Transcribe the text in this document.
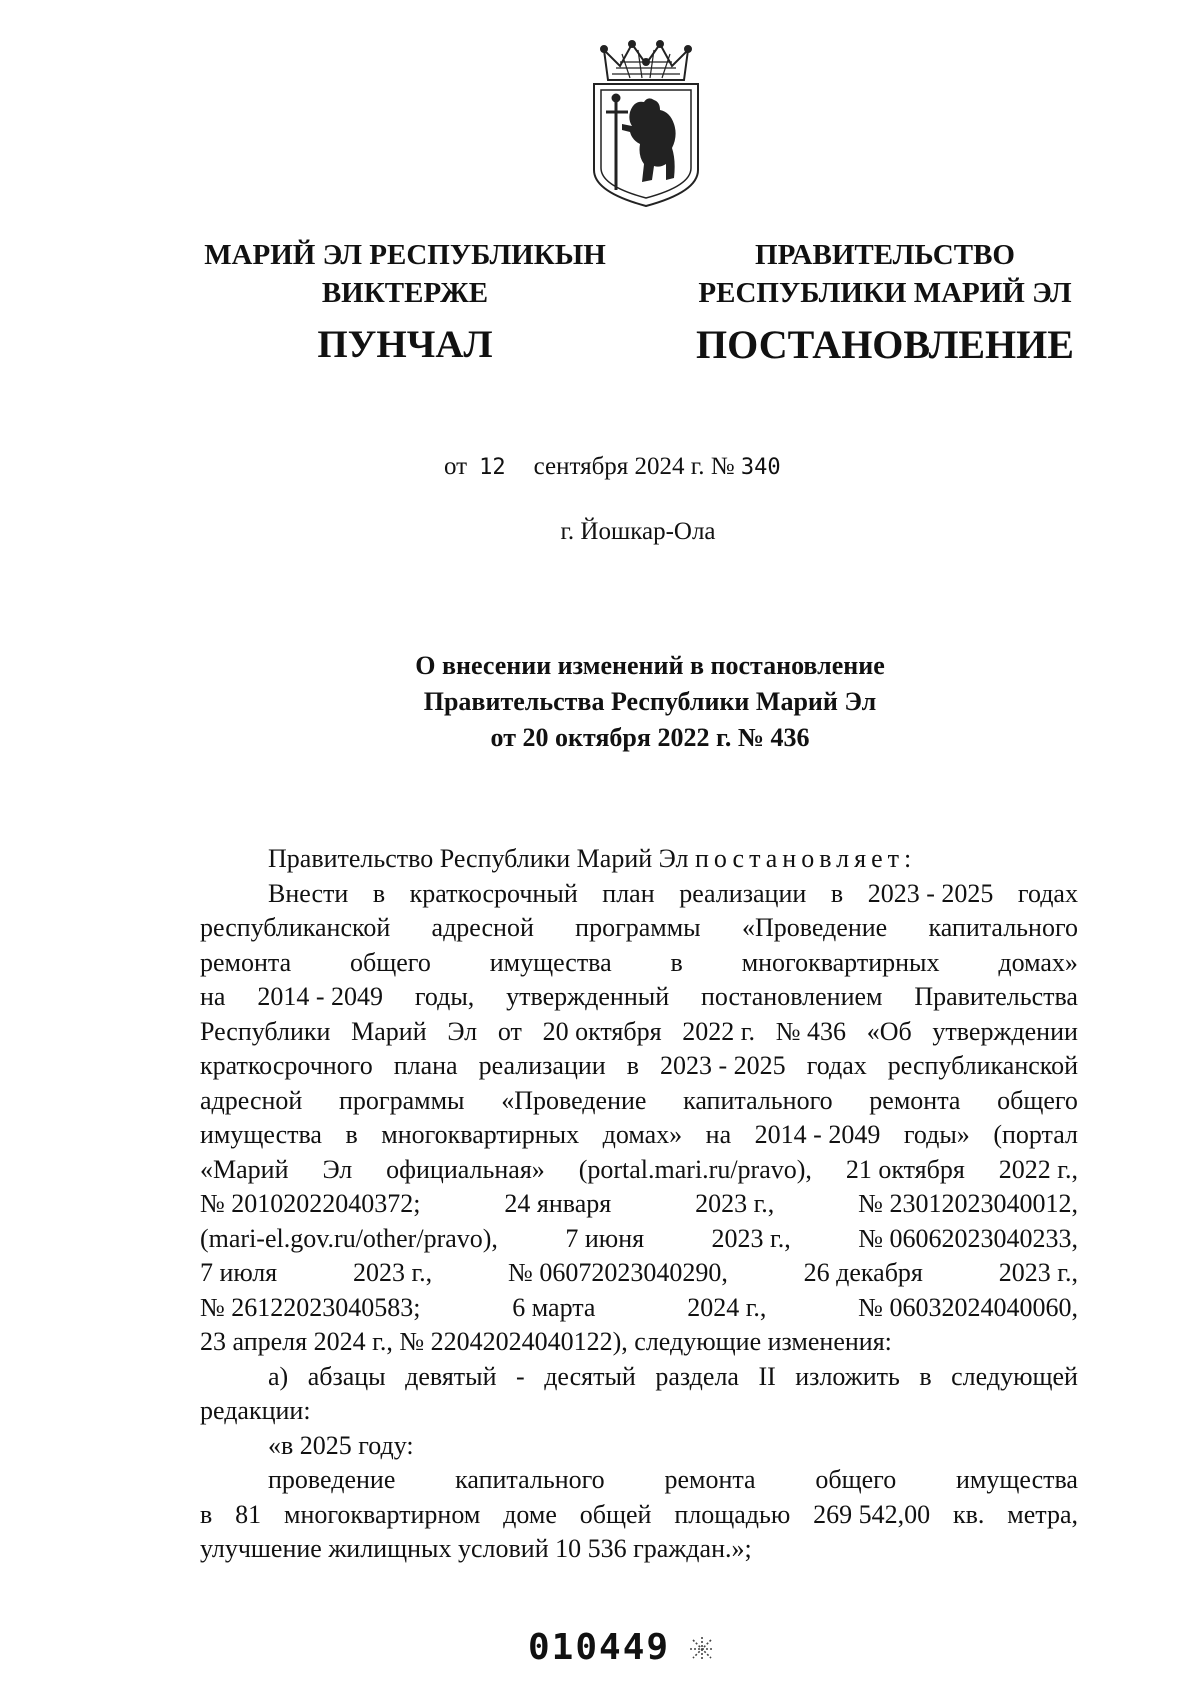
МАРИЙ ЭЛ РЕСПУБЛИКЫН
ВИКТЕРЖЕ
ПУНЧАЛ
ПРАВИТЕЛЬСТВО
РЕСПУБЛИКИ МАРИЙ ЭЛ
ПОСТАНОВЛЕНИЕ
от 12 сентября 2024 г. № 340
г. Йошкар-Ола
О внесении изменений в постановление
Правительства Республики Марий Эл
от 20 октября 2022 г. № 436
Правительство Республики Марий Эл постановляет:
Внести в краткосрочный план реализации в 2023 - 2025 годах
республиканской адресной программы «Проведение капитального
ремонта общего имущества в многоквартирных домах»
на 2014 - 2049 годы, утвержденный постановлением Правительства
Республики Марий Эл от 20 октября 2022 г. № 436 «Об утверждении
краткосрочного плана реализации в 2023 - 2025 годах республиканской
адресной программы «Проведение капитального ремонта общего
имущества в многоквартирных домах» на 2014 - 2049 годы» (портал
«Марий Эл официальная» (portal.mari.ru/pravo), 21 октября 2022 г.,
№ 20102022040372;	24 января	2023 г.,	№ 23012023040012,
(mari-el.gov.ru/other/pravo),	7 июня	2023 г.,	№ 06062023040233,
7 июля	2023 г.,	№ 06072023040290,	26 декабря	2023 г.,
№ 26122023040583;	6 марта	2024 г.,	№ 06032024040060,
23 апреля 2024 г., № 22042024040122), следующие изменения:
а) абзацы девятый - десятый раздела II изложить в следующей
редакции:
«в 2025 году:
проведение капитального ремонта общего имущества
в 81 многоквартирном доме общей площадью 269 542,00 кв. метра,
улучшение жилищных условий 10 536 граждан.»;
010449
